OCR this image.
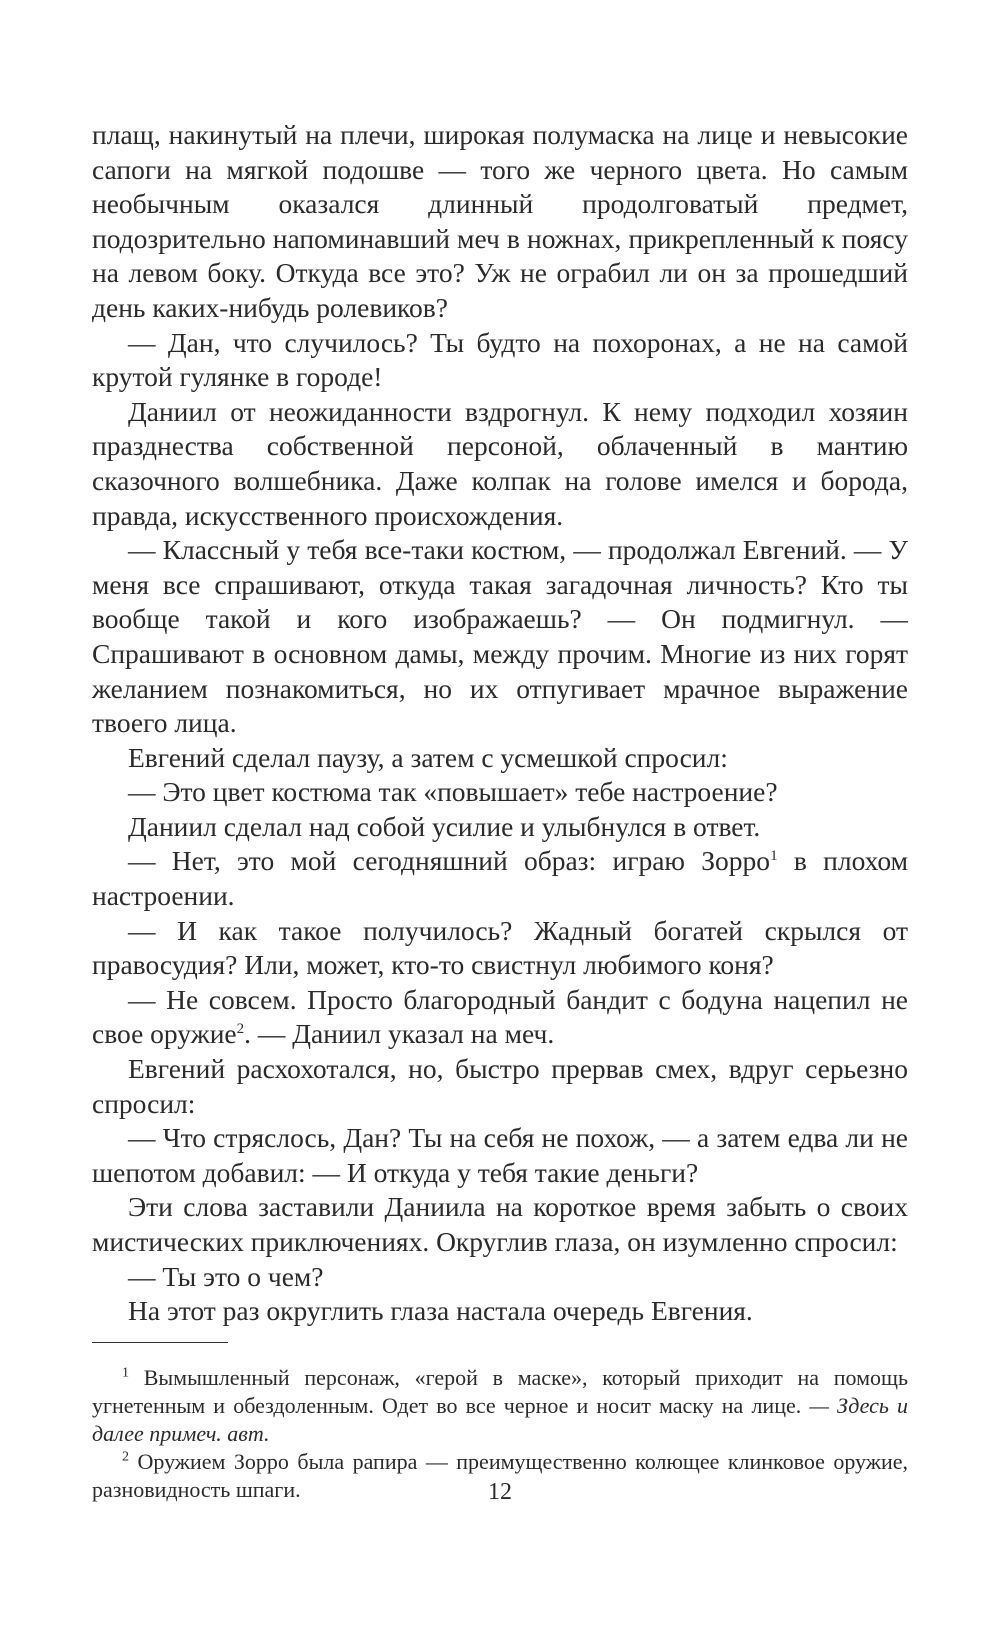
плащ, накинутый на плечи, широкая полумаска на лице и невысокие сапоги на мягкой подошве — того же черного цвета. Но самым необычным оказался длинный продолговатый предмет, подозрительно напоминавший меч в ножнах, прикрепленный к поясу на левом боку. Откуда все это? Уж не ограбил ли он за прошедший день каких-нибудь ролевиков?

— Дан, что случилось? Ты будто на похоронах, а не на самой крутой гулянке в городе!

Даниил от неожиданности вздрогнул. К нему подходил хозяин празднества собственной персоной, облаченный в мантию сказочного волшебника. Даже колпак на голове имелся и борода, правда, искусственного происхождения.

— Классный у тебя все-таки костюм, — продолжал Евгений. — У меня все спрашивают, откуда такая загадочная личность? Кто ты вообще такой и кого изображаешь? — Он подмигнул. — Спрашивают в основном дамы, между прочим. Многие из них горят желанием познакомиться, но их отпугивает мрачное выражение твоего лица.

Евгений сделал паузу, а затем с усмешкой спросил:

— Это цвет костюма так «повышает» тебе настроение?

Даниил сделал над собой усилие и улыбнулся в ответ.

— Нет, это мой сегодняшний образ: играю Зорро$^1$ в плохом настроении.

— И как такое получилось? Жадный богатей скрылся от правосудия? Или, может, кто-то свистнул любимого коня?

— Не совсем. Просто благородный бандит с бодуна нацепил не свое оружие$^2$. — Даниил указал на меч.

Евгений расхохотался, но, быстро прервав смех, вдруг серьезно спросил:

— Что стряслось, Дан? Ты на себя не похож, — а затем едва ли не шепотом добавил: — И откуда у тебя такие деньги?

Эти слова заставили Даниила на короткое время забыть о своих мистических приключениях. Округлив глаза, он изумленно спросил:

— Ты это о чем?

На этот раз округлить глаза настала очередь Евгения.

$^1$ Вымышленный персонаж, «герой в маске», который приходит на помощь угнетенным и обездоленным. Одет во все черное и носит маску на лице. — Здесь и далее примеч. авт.

$^2$ Оружием Зорро была рапира — преимущественно колющее клинковое оружие, разновидность шпаги.	12
